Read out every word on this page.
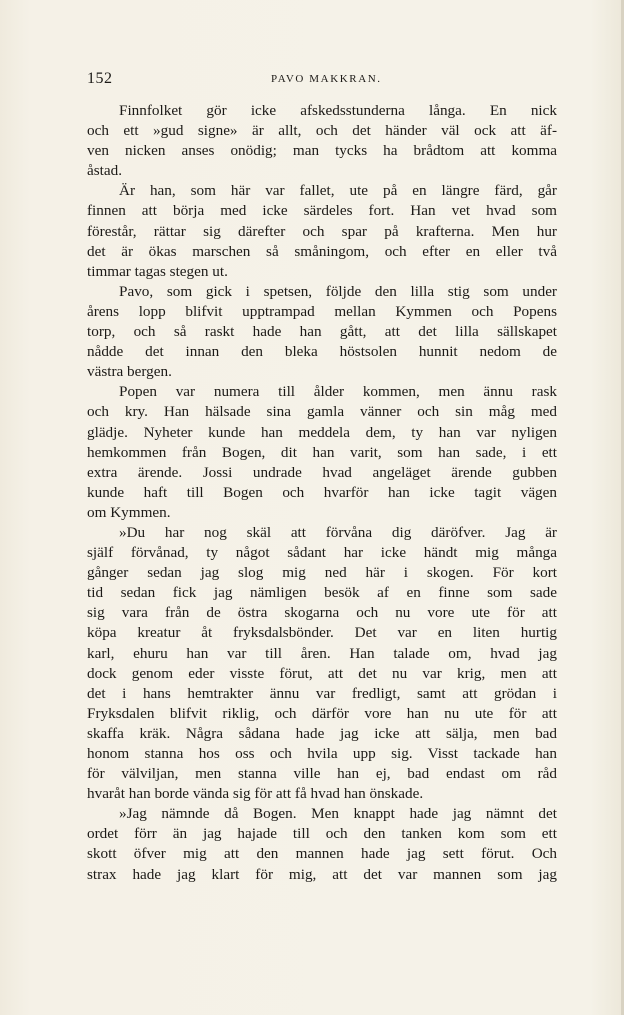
152	PAVO MAKKRAN.
Finnfolket gör icke afskedsstunderna långa. En nick
och ett »gud signe» är allt, och det händer väl ock att äf-
ven nicken anses onödig; man tycks ha brådtom att komma
åstad.
Är han, som här var fallet, ute på en längre färd, går
finnen att börja med icke särdeles fort. Han vet hvad som
förestår, rättar sig därefter och spar på krafterna. Men hur
det är ökas marschen så småningom, och efter en eller två
timmar tagas stegen ut.
Pavo, som gick i spetsen, följde den lilla stig som under
årens lopp blifvit upptrampad mellan Kymmen och Popens
torp, och så raskt hade han gått, att det lilla sällskapet
nådde det innan den bleka höstsolen hunnit nedom de
västra bergen.
Popen var numera till ålder kommen, men ännu rask
och kry. Han hälsade sina gamla vänner och sin måg med
glädje. Nyheter kunde han meddela dem, ty han var nyligen
hemkommen från Bogen, dit han varit, som han sade, i ett
extra ärende. Jossi undrade hvad angeläget ärende gubben
kunde haft till Bogen och hvarför han icke tagit vägen
om Kymmen.
»Du har nog skäl att förvåna dig däröfver. Jag är
själf förvånad, ty något sådant har icke händt mig många
gånger sedan jag slog mig ned här i skogen. För kort
tid sedan fick jag nämligen besök af en finne som sade
sig vara från de östra skogarna och nu vore ute för att
köpa kreatur åt fryksdalsbönder. Det var en liten hurtig
karl, ehuru han var till åren. Han talade om, hvad jag
dock genom eder visste förut, att det nu var krig, men att
det i hans hemtrakter ännu var fredligt, samt att grödan i
Fryksdalen blifvit riklig, och därför vore han nu ute för att
skaffa kräk. Några sådana hade jag icke att sälja, men bad
honom stanna hos oss och hvila upp sig. Visst tackade han
för välviljan, men stanna ville han ej, bad endast om råd
hvaråt han borde vända sig för att få hvad han önskade.
»Jag nämnde då Bogen. Men knappt hade jag nämnt det
ordet förr än jag hajade till och den tanken kom som ett
skott öfver mig att den mannen hade jag sett förut. Och
strax hade jag klart för mig, att det var mannen som jag
